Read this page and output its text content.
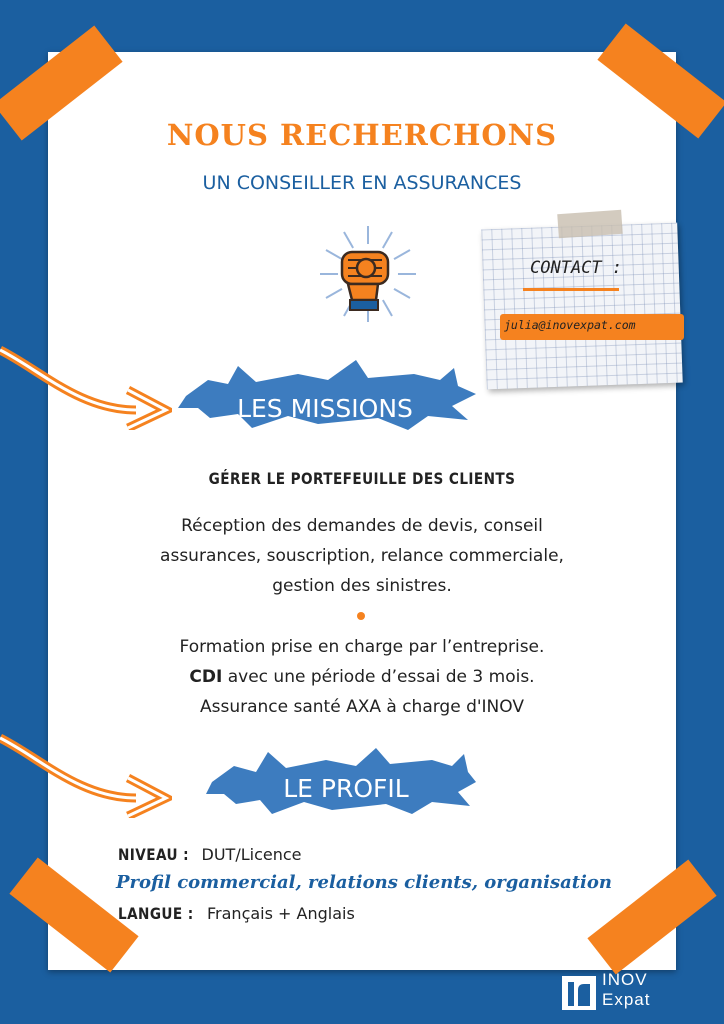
NOUS RECHERCHONS
UN CONSEILLER EN ASSURANCES
CONTACT :
julia@inovexpat.com
LES MISSIONS
GÉRER LE PORTEFEUILLE DES CLIENTS
Réception des demandes de devis, conseil
assurances, souscription, relance commerciale,
gestion des sinistres.
Formation prise en charge par l’entreprise.
CDI avec une période d’essai de 3 mois.
Assurance santé AXA à charge d'INOV
LE PROFIL
NIVEAU :DUT/Licence
Profil commercial, relations clients, organisation
LANGUE :Français + Anglais
INOV
Expat
